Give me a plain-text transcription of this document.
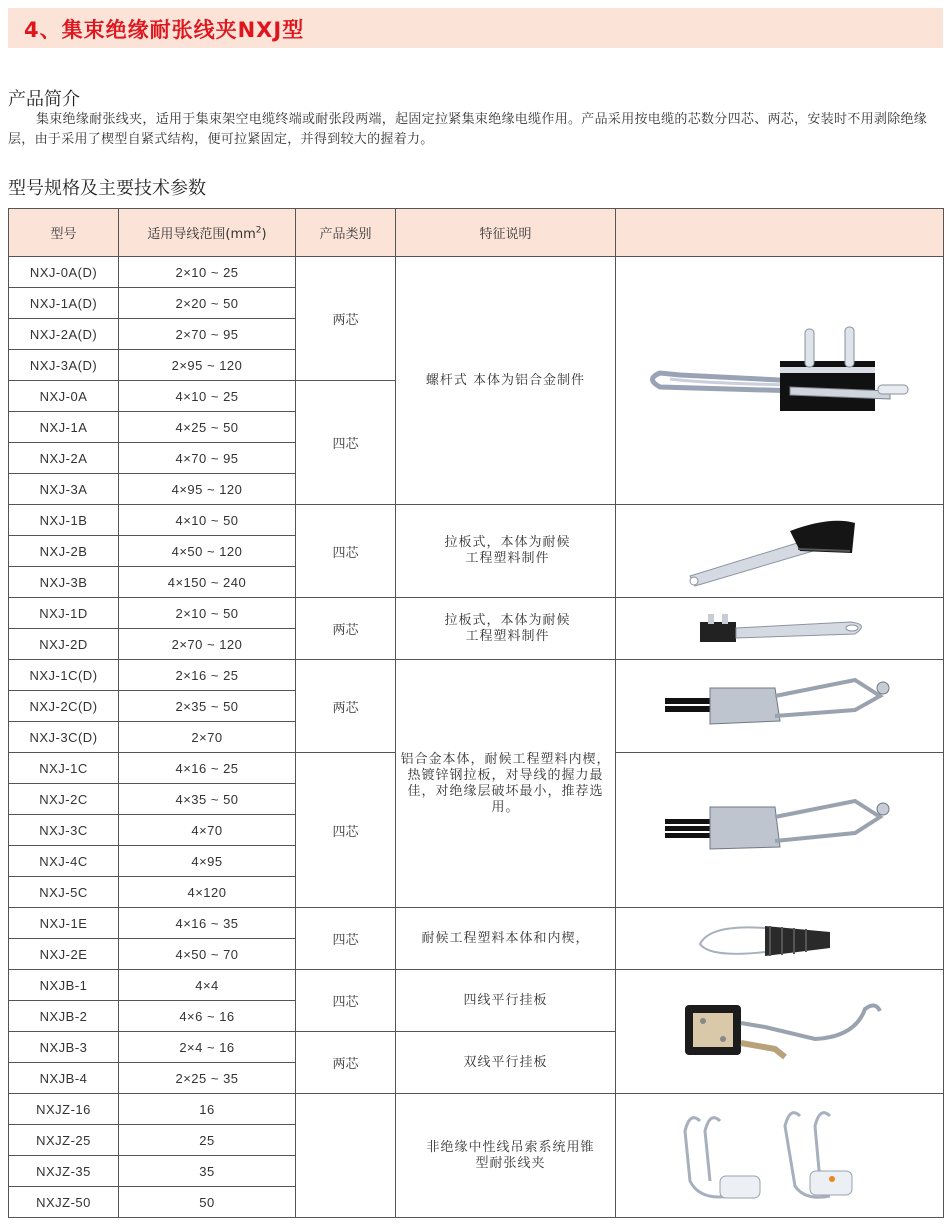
4、集束绝缘耐张线夹NXJ型
产品简介

集束绝缘耐张线夹，适用于集束架空电缆终端或耐张段两端，起固定拉紧集束绝缘电缆作用。产品采用按电缆的芯数分四芯、两芯，安装时不用剥除绝缘层，由于采用了楔型自紧式结构，便可拉紧固定，并得到较大的握着力。

型号规格及主要技术参数
型号	适用导线范围$(mm^2)$	产品类别	特征说明	
NXJ-0A(D)	2×10 ~ 25	两芯	螺杆式 本体为铝合金制件	

NXJ-1A(D)	2×20 ~ 50			
NXJ-2A(D)	2×70 ~ 95			
NXJ-3A(D)	2×95 ~ 120			
NXJ-0A	4×10 ~ 25	四芯		
NXJ-1A	4×25 ~ 50			
NXJ-2A	4×70 ~ 95			
NXJ-3A	4×95 ~ 120			
NXJ-1B	4×10 ~ 50	四芯	拉板式，本体为耐候工程塑料制件	

NXJ-2B	4×50 ~ 120			
NXJ-3B	4×150 ~ 240			
NXJ-1D	2×10 ~ 50	两芯	拉板式，本体为耐候工程塑料制件	

NXJ-2D	2×70 ~ 120			
NXJ-1C(D)	2×16 ~ 25	两芯	铝合金本体，耐候工程塑料内楔，热镀锌钢拉板，对导线的握力最佳，对绝缘层破坏最小，推荐选用。	

NXJ-2C(D)	2×35 ~ 50			
NXJ-3C(D)	2×70			
NXJ-1C	4×16 ~ 25	四芯	

NXJ-2C	4×35 ~ 50			
NXJ-3C	4×70			
NXJ-4C	4×95			
NXJ-5C	4×120			
NXJ-1E	4×16 ~ 35	四芯	耐候工程塑料本体和内楔，	

NXJ-2E	4×50 ~ 70			
NXJB-1	4×4	四芯	四线平行挂板	

NXJB-2	4×6 ~ 16			
NXJB-3	2×4 ~ 16	两芯	双线平行挂板	
NXJB-4	2×25 ~ 35			
NXJZ-16	16		非绝缘中性线吊索系统用锥型耐张线夹	

NXJZ-25	25			
NXJZ-35	35			
NXJZ-50	50			
